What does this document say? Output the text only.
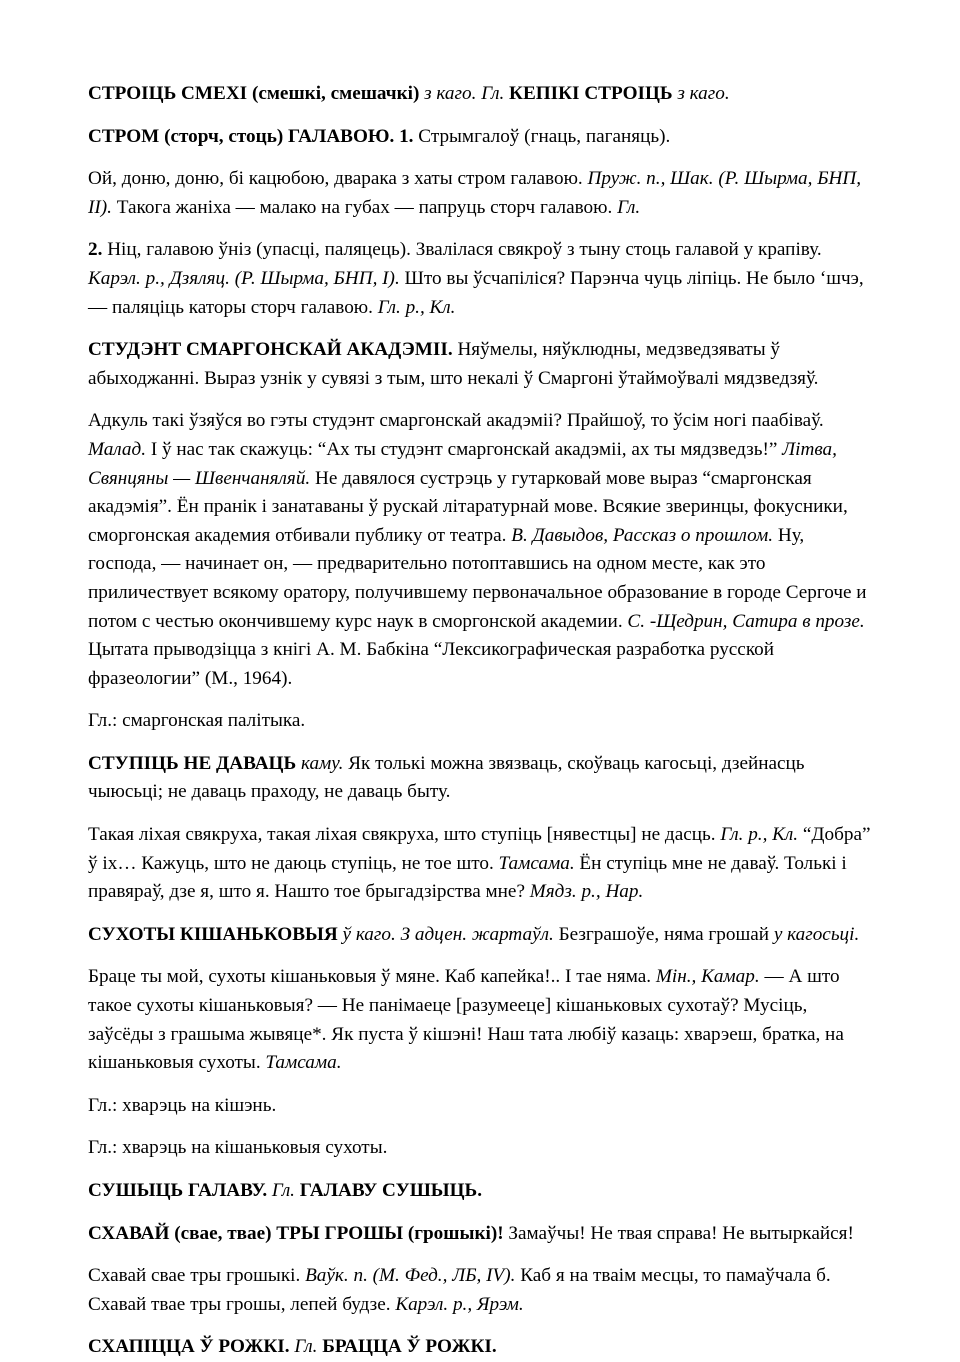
СТРОІЦЬ СМЕХІ (смешкі, смешачкі) з каго. Гл. КЕПІКІ СТРОІЦЬ з каго.

СТРОМ (сторч, стоць) ГАЛАВОЮ. 1. Стрымгалоў (гнаць, паганяць).

Ой, доню, доню, бі кацюбою, дварака з хаты стром галавою. Пруж. п., Шак. (Р. Шырма, БНП, ІІ). Такога жаніха — малако на губах — папруць сторч галавою. Гл.

2. Ніц, галавою ўніз (упасці, паляцець). Звалілася свякроў з тыну стоць галавой у крапіву. Карэл. р., Дзяляц. (Р. Шырма, БНП, І). Што вы ўсчапіліся? Парэнча чуць ліпіць. Не было ‘шчэ, — паляціць каторы сторч галавою. Гл. р., Кл.

СТУДЭНТ СМАРГОНСКАЙ АКАДЭМІІ. Няўмелы, няўклюдны, медзведзяваты ў абыходжанні. Выраз узнік у сувязі з тым, што некалі ў Смаргоні ўтаймоўвалі мядзведзяў.

Адкуль такі ўзяўся во гэты студэнт смаргонскай акадэміі? Прайшоў, то ўсім ногі паабіваў. Малад. І ў нас так скажуць: “Ах ты студэнт смаргонскай акадэміі, ах ты мядзведзь!” Літва, Свянцяны — Швенчаняляй. Не давялося сустрэць у гутарковай мове выраз “смаргонская акадэмія”. Ён пранік і занатаваны ў рускай літаратурнай мове. Всякие зверинцы, фокусники, сморгонская академия отбивали публику от театра. В. Давыдов, Рассказ о прошлом. Ну, господа, — начинает он, — предварительно потоптавшись на одном месте, как это приличествует всякому оратору, получившему первоначальное образование в городе Сергоче и потом с честью окончившему курс наук в сморгонской академии. С. -Щедрин, Сатира в прозе. Цытата прыводзіцца з кнігі А. М. Бабкіна “Лексикографическая разработка русской фразеологии” (М., 1964).

Гл.: смаргонская палітыка.

СТУПІЦЬ НЕ ДАВАЦЬ каму. Як толькі можна звязваць, скоўваць кагосьці, дзейнасць чыюсьці; не даваць праходу, не даваць быту.

Такая ліхая свякруха, такая ліхая свякруха, што ступіць [нявестцы] не дасць. Гл. р., Кл. “Добра” ў іх… Кажуць, што не даюць ступіць, не тое што. Тамсама. Ён ступіць мне не даваў. Толькі і правяраў, дзе я, што я. Нашто тое брыгадзірства мне? Мядз. р., Нар.

СУХОТЫ КІШАНЬКОВЫЯ ў каго. З адцен. жартаўл. Безграшоўе, няма грошай у кагосьці.

Браце ты мой, сухоты кішаньковыя ў мяне. Каб капейка!.. І тае няма. Мін., Камар. — А што такое сухоты кішаньковыя? — Не панімаеце [разумееце] кішаньковых сухотаў? Мусіць, заўсёды з грашыма жывяце*. Як пуста ў кішэні! Наш тата любіў казаць: хварэеш, братка, на кішаньковыя сухоты. Тамсама.

Гл.: хварэць на кішэнь.

Гл.: хварэць на кішаньковыя сухоты.

СУШЫЦЬ ГАЛАВУ. Гл. ГАЛАВУ СУШЫЦЬ.

СХАВАЙ (свае, твае) ТРЫ ГРОШЫ (грошыкі)! Замаўчы! Не твая справа! Не вытыркайся!

Схавай свае тры грошыкі. Ваўк. п. (М. Фед., ЛБ, ІV). Каб я на тваім месцы, то памаўчала б. Схавай твае тры грошы, лепей будзе. Карэл. р., Ярэм.

СХАПІЦЦА Ў РОЖКІ. Гл. БРАЦЦА Ў РОЖКІ.
